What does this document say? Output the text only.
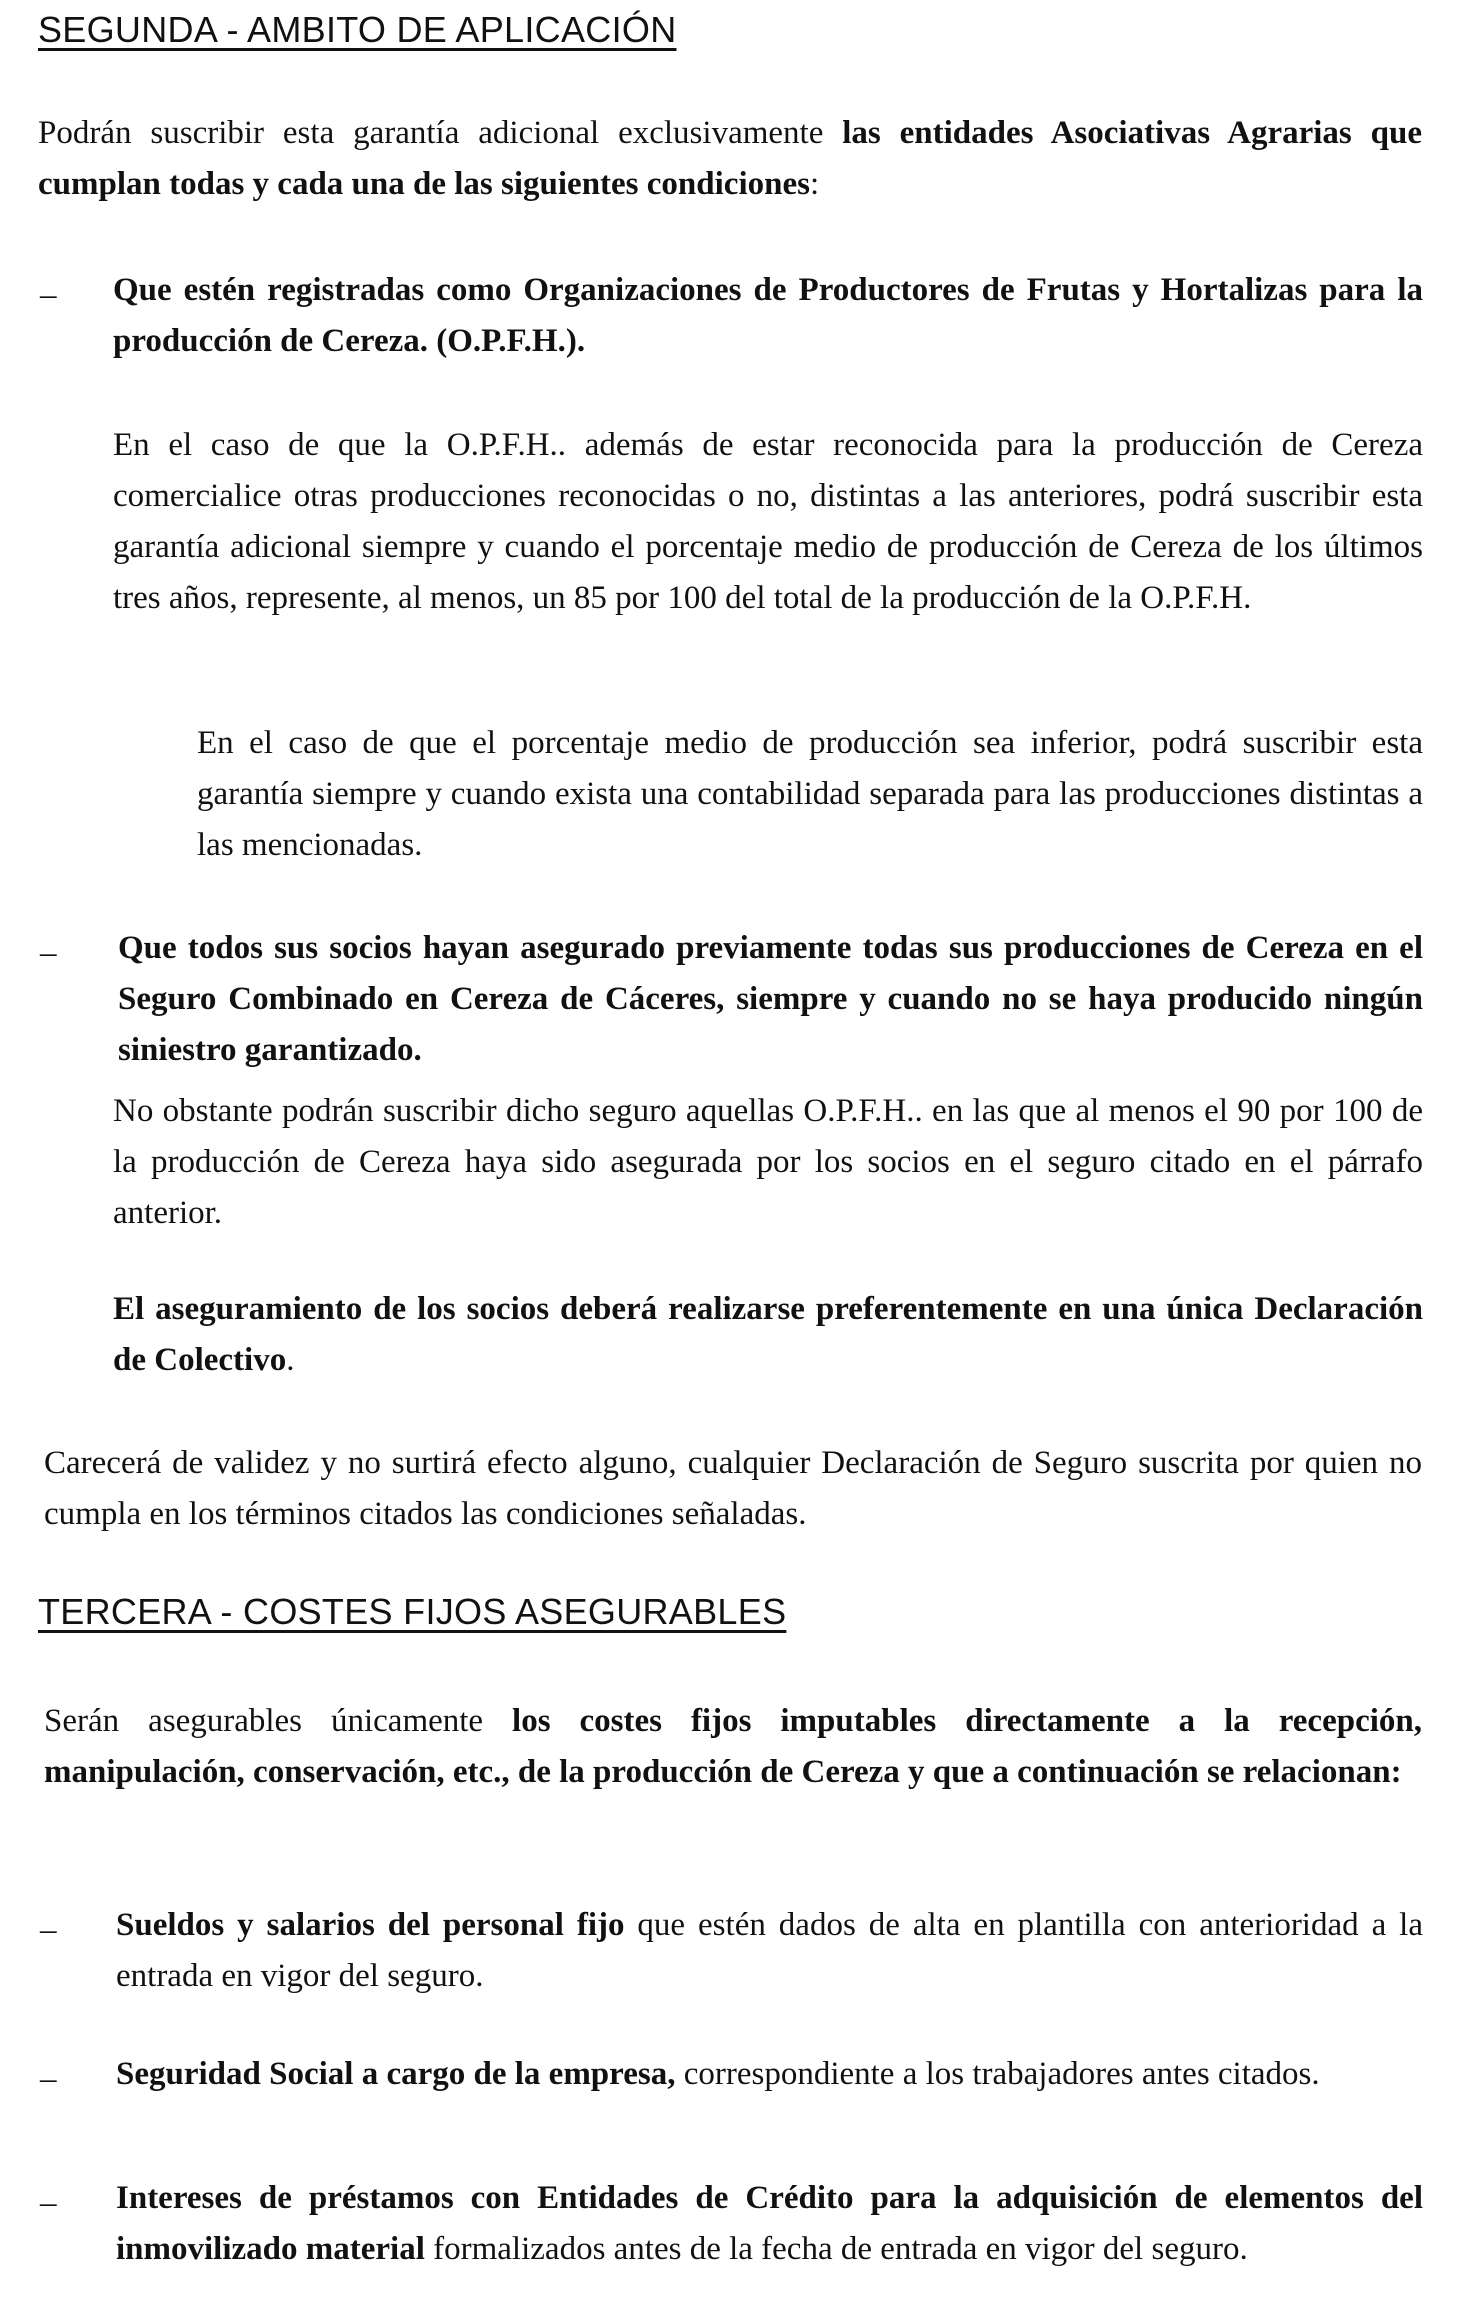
SEGUNDA - AMBITO DE APLICACIÓN

Podrán suscribir esta garantía adicional exclusivamente las entidades Asociativas Agrarias que cumplan todas y cada una de las siguientes condiciones:

– Que estén registradas como Organizaciones de Productores de Frutas y Hortalizas para la producción de Cereza. (O.P.F.H.).

En el caso de que la O.P.F.H.. además de estar reconocida para la producción de Cereza comercialice otras producciones reconocidas o no, distintas a las anteriores, podrá suscribir esta garantía adicional siempre y cuando el porcentaje medio de producción de Cereza de los últimos tres años, represente, al menos, un 85 por 100 del total de la producción de la O.P.F.H.

En el caso de que el porcentaje medio de producción sea inferior, podrá suscribir esta garantía siempre y cuando exista una contabilidad separada para las producciones distintas a las mencionadas.

– Que todos sus socios hayan asegurado previamente todas sus producciones de Cereza en el Seguro Combinado en Cereza de Cáceres, siempre y cuando no se haya producido ningún siniestro garantizado.

No obstante podrán suscribir dicho seguro aquellas O.P.F.H.. en las que al menos el 90 por 100 de la producción de Cereza haya sido asegurada por los socios en el seguro citado en el párrafo anterior.

El aseguramiento de los socios deberá realizarse preferentemente en una única Declaración de Colectivo.

Carecerá de validez y no surtirá efecto alguno, cualquier Declaración de Seguro suscrita por quien no cumpla en los términos citados las condiciones señaladas.

TERCERA - COSTES FIJOS ASEGURABLES

Serán asegurables únicamente los costes fijos imputables directamente a la recepción, manipulación, conservación, etc., de la producción de Cereza y que a continuación se relacionan:

– Sueldos y salarios del personal fijo que estén dados de alta en plantilla con anterioridad a la entrada en vigor del seguro.

– Seguridad Social a cargo de la empresa, correspondiente a los trabajadores antes citados.

– Intereses de préstamos con Entidades de Crédito para la adquisición de elementos del inmovilizado material formalizados antes de la fecha de entrada en vigor del seguro.
